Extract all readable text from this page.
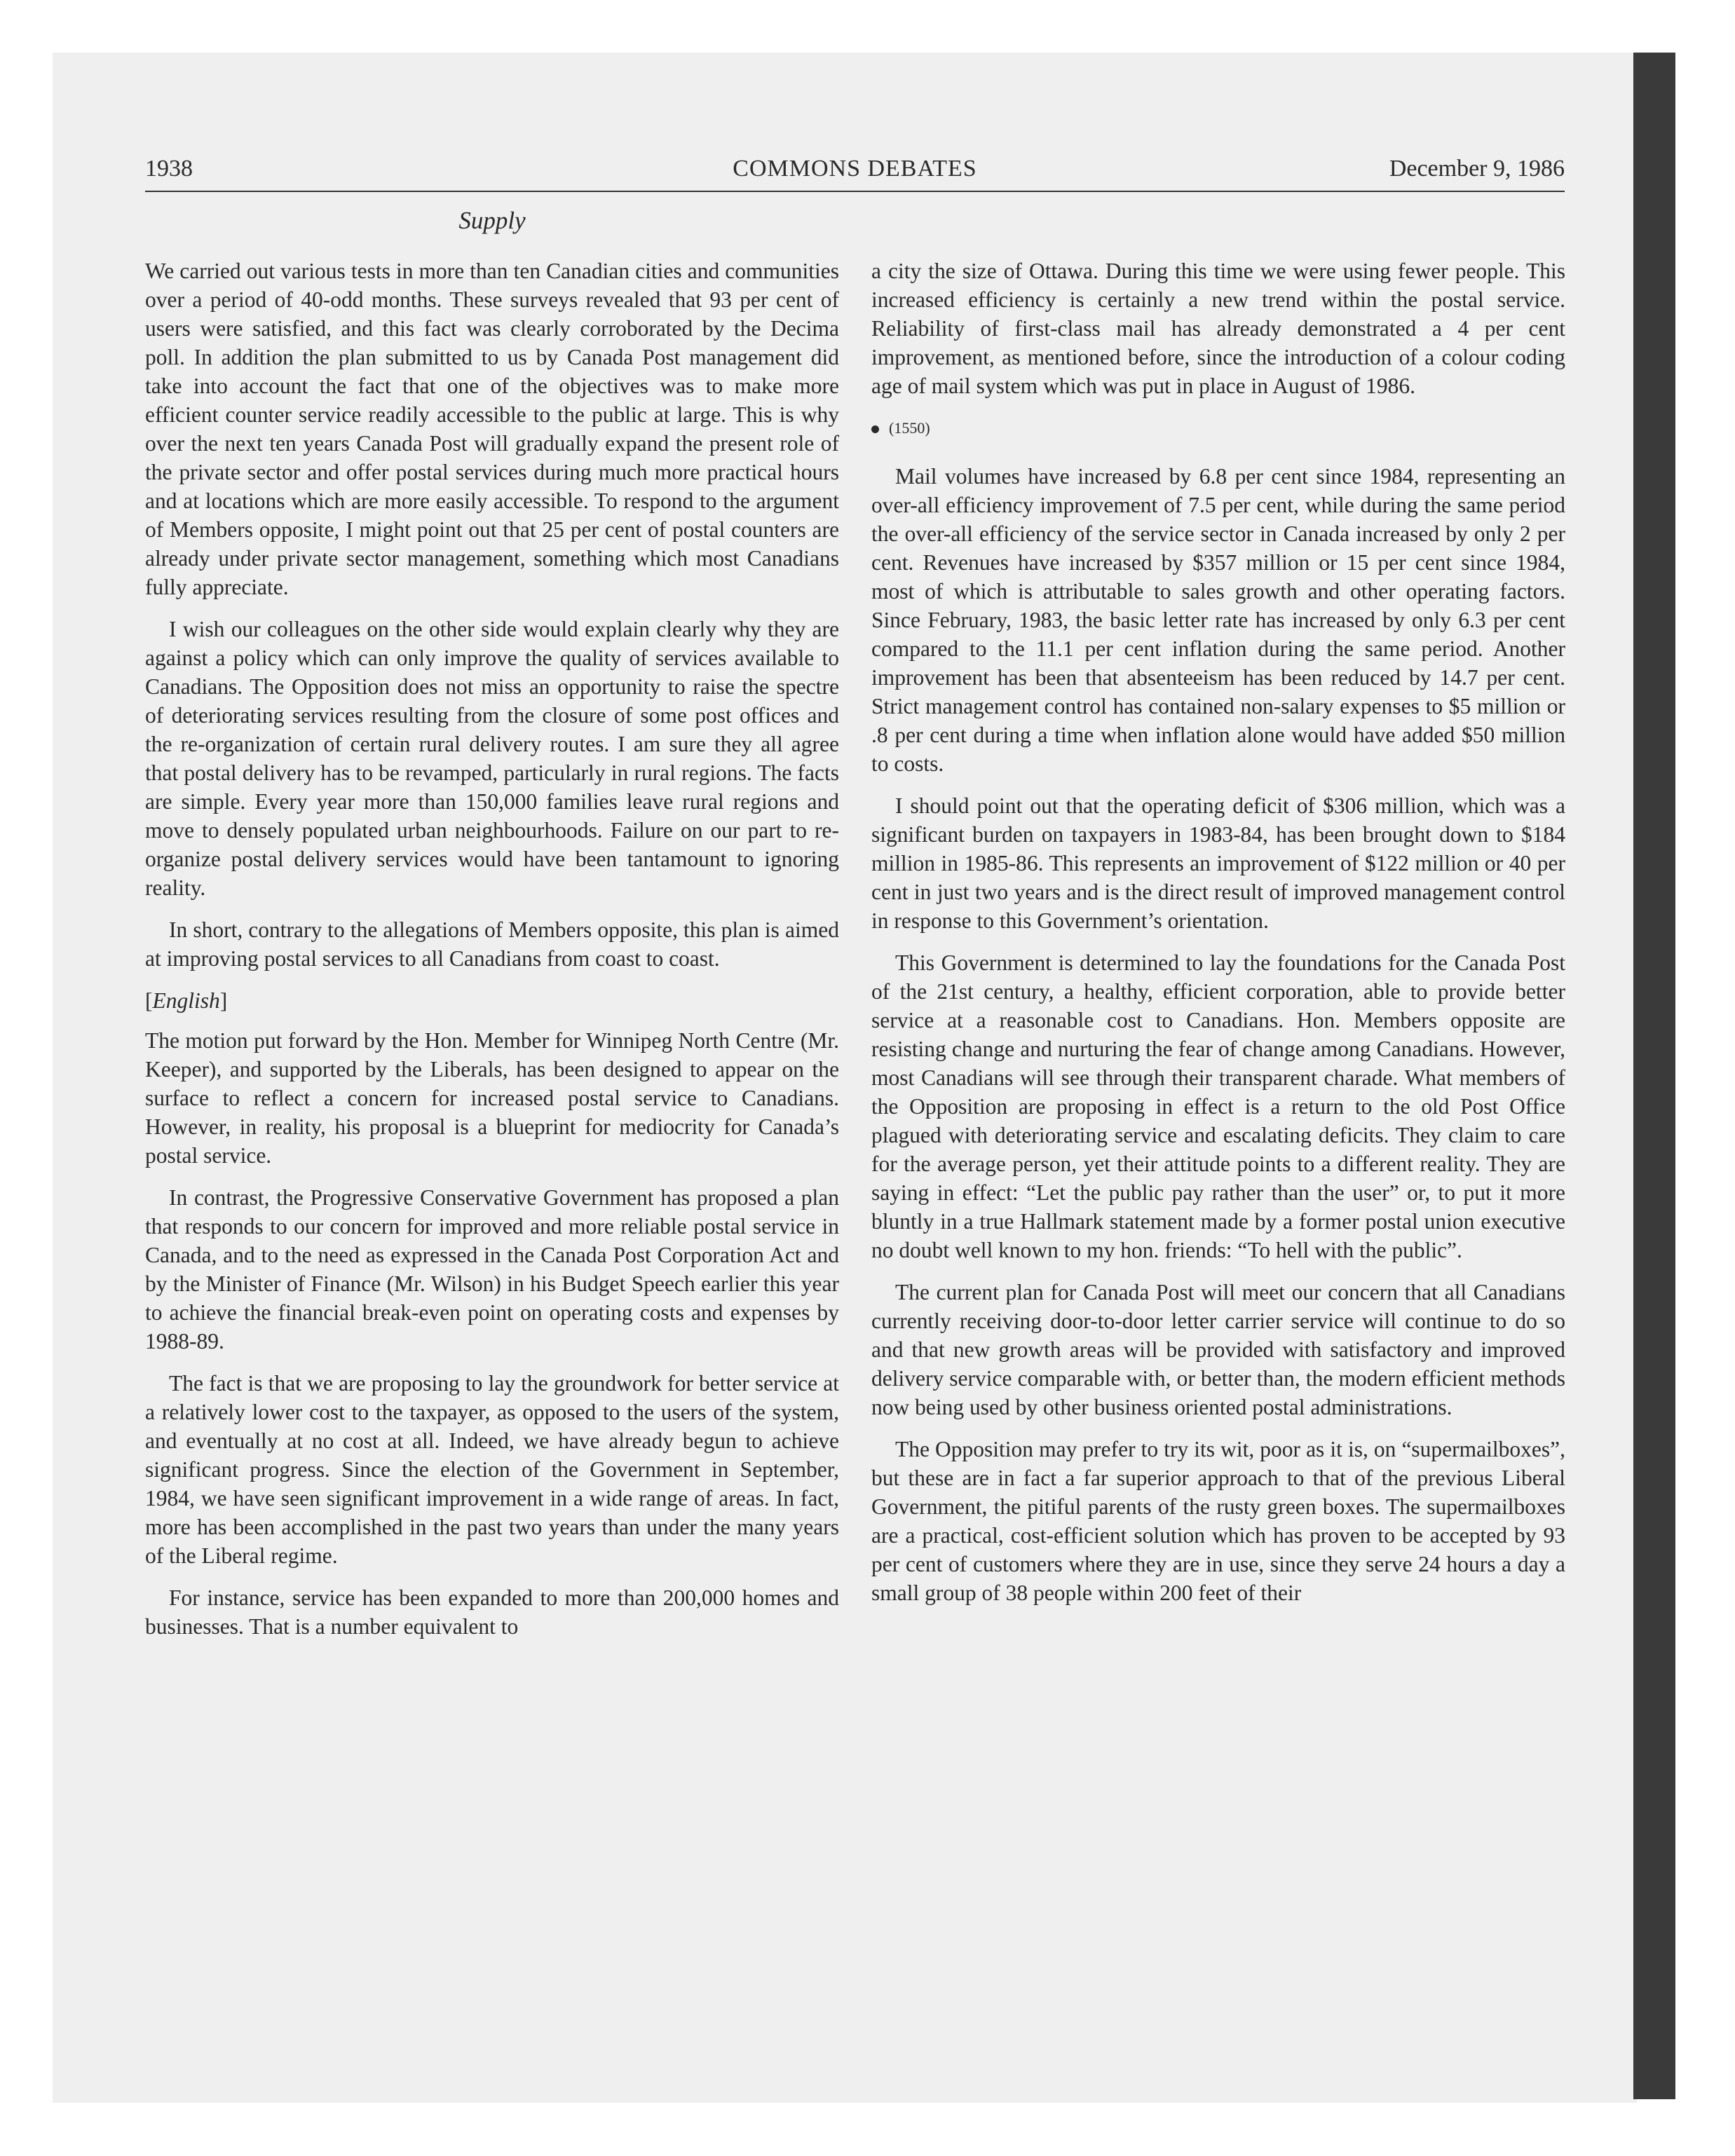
1938	COMMONS DEBATES	December 9, 1986
Supply

We carried out various tests in more than ten Canadian cities and communities over a period of 40-odd months. These surveys revealed that 93 per cent of users were satisfied, and this fact was clearly corroborated by the Decima poll. In addition the plan submitted to us by Canada Post management did take into account the fact that one of the objectives was to make more efficient counter service readily accessible to the public at large. This is why over the next ten years Canada Post will gradually expand the present role of the private sector and offer postal services during much more practical hours and at locations which are more easily accessible. To respond to the argument of Members opposite, I might point out that 25 per cent of postal counters are already under private sector management, something which most Canadians fully appreciate.

I wish our colleagues on the other side would explain clearly why they are against a policy which can only improve the quality of services available to Canadians. The Opposition does not miss an opportunity to raise the spectre of deteriorating services resulting from the closure of some post offices and the re-organization of certain rural delivery routes. I am sure they all agree that postal delivery has to be revamped, particularly in rural regions. The facts are simple. Every year more than 150,000 families leave rural regions and move to densely populated urban neighbourhoods. Failure on our part to re-organize postal delivery services would have been tantamount to ignoring reality.

In short, contrary to the allegations of Members opposite, this plan is aimed at improving postal services to all Canadians from coast to coast.

[English]

The motion put forward by the Hon. Member for Winnipeg North Centre (Mr. Keeper), and supported by the Liberals, has been designed to appear on the surface to reflect a concern for increased postal service to Canadians. However, in reality, his proposal is a blueprint for mediocrity for Canada’s postal service.

In contrast, the Progressive Conservative Government has proposed a plan that responds to our concern for improved and more reliable postal service in Canada, and to the need as expressed in the Canada Post Corporation Act and by the Minister of Finance (Mr. Wilson) in his Budget Speech earlier this year to achieve the financial break-even point on operating costs and expenses by 1988-89.

The fact is that we are proposing to lay the groundwork for better service at a relatively lower cost to the taxpayer, as opposed to the users of the system, and eventually at no cost at all. Indeed, we have already begun to achieve significant progress. Since the election of the Government in September, 1984, we have seen significant improvement in a wide range of areas. In fact, more has been accomplished in the past two years than under the many years of the Liberal regime.

For instance, service has been expanded to more than 200,000 homes and businesses. That is a number equivalent to

a city the size of Ottawa. During this time we were using fewer people. This increased efficiency is certainly a new trend within the postal service. Reliability of first-class mail has already demonstrated a 4 per cent improvement, as mentioned before, since the introduction of a colour coding age of mail system which was put in place in August of 1986.

(1550)

Mail volumes have increased by 6.8 per cent since 1984, representing an over-all efficiency improvement of 7.5 per cent, while during the same period the over-all efficiency of the service sector in Canada increased by only 2 per cent. Revenues have increased by $357 million or 15 per cent since 1984, most of which is attributable to sales growth and other operating factors. Since February, 1983, the basic letter rate has increased by only 6.3 per cent compared to the 11.1 per cent inflation during the same period. Another improvement has been that absenteeism has been reduced by 14.7 per cent. Strict management control has contained non-salary expenses to $5 million or .8 per cent during a time when inflation alone would have added $50 million to costs.

I should point out that the operating deficit of $306 million, which was a significant burden on taxpayers in 1983-84, has been brought down to $184 million in 1985-86. This represents an improvement of $122 million or 40 per cent in just two years and is the direct result of improved management control in response to this Government’s orientation.

This Government is determined to lay the foundations for the Canada Post of the 21st century, a healthy, efficient corporation, able to provide better service at a reasonable cost to Canadians. Hon. Members opposite are resisting change and nurturing the fear of change among Canadians. However, most Canadians will see through their transparent charade. What members of the Opposition are proposing in effect is a return to the old Post Office plagued with deteriorating service and escalating deficits. They claim to care for the average person, yet their attitude points to a different reality. They are saying in effect: “Let the public pay rather than the user” or, to put it more bluntly in a true Hallmark statement made by a former postal union executive no doubt well known to my hon. friends: “To hell with the public”.

The current plan for Canada Post will meet our concern that all Canadians currently receiving door-to-door letter carrier service will continue to do so and that new growth areas will be provided with satisfactory and improved delivery service comparable with, or better than, the modern efficient methods now being used by other business oriented postal administrations.

The Opposition may prefer to try its wit, poor as it is, on “supermailboxes”, but these are in fact a far superior approach to that of the previous Liberal Government, the pitiful parents of the rusty green boxes. The supermailboxes are a practical, cost-efficient solution which has proven to be accepted by 93 per cent of customers where they are in use, since they serve 24 hours a day a small group of 38 people within 200 feet of their
